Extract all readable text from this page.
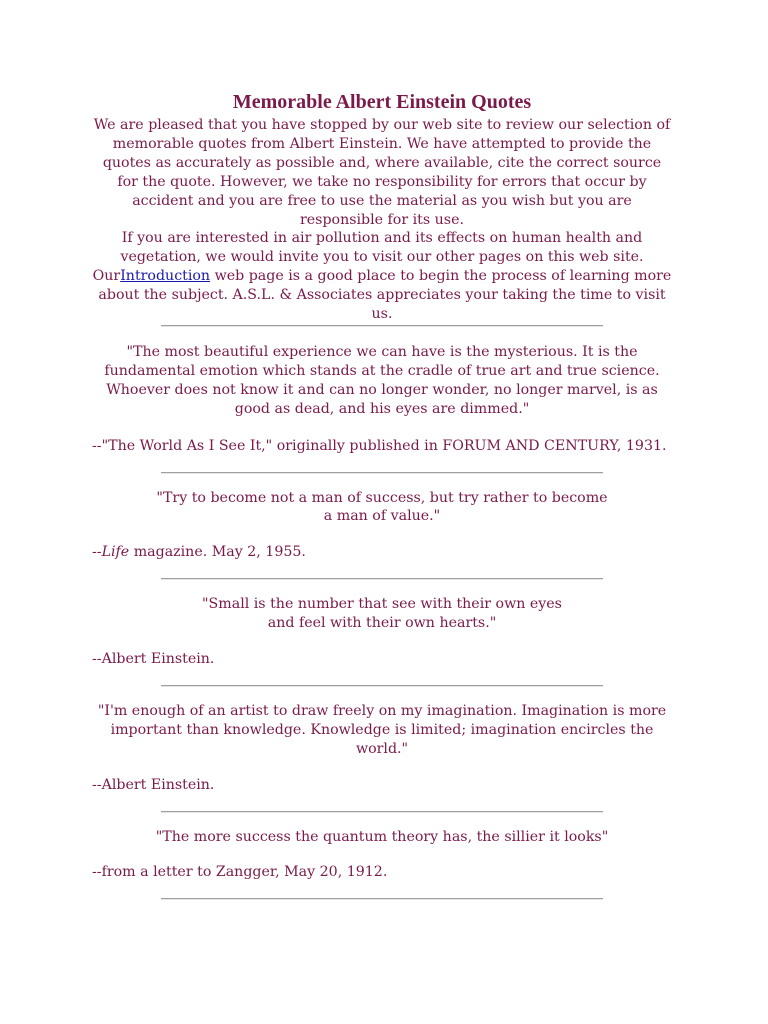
Memorable Albert Einstein Quotes

We are pleased that you have stopped by our web site to review our selection of memorable quotes from Albert Einstein. We have attempted to provide the quotes as accurately as possible and, where available, cite the correct source for the quote. However, we take no responsibility for errors that occur by accident and you are free to use the material as you wish but you are responsible for its use.

If you are interested in air pollution and its effects on human health and vegetation, we would invite you to visit our other pages on this web site. OurIntroduction web page is a good place to begin the process of learning more about the subject. A.S.L. & Associates appreciates your taking the time to visit us.

"The most beautiful experience we can have is the mysterious. It is the fundamental emotion which stands at the cradle of true art and true science. Whoever does not know it and can no longer wonder, no longer marvel, is as good as dead, and his eyes are dimmed."

--"The World As I See It," originally published in FORUM AND CENTURY, 1931.

"Try to become not a man of success, but try rather to become
a man of value."

--Life magazine. May 2, 1955.

"Small is the number that see with their own eyes
and feel with their own hearts."

--Albert Einstein.

"I'm enough of an artist to draw freely on my imagination. Imagination is more important than knowledge. Knowledge is limited; imagination encircles the world."

--Albert Einstein.

"The more success the quantum theory has, the sillier it looks"

--from a letter to Zangger, May 20, 1912.
